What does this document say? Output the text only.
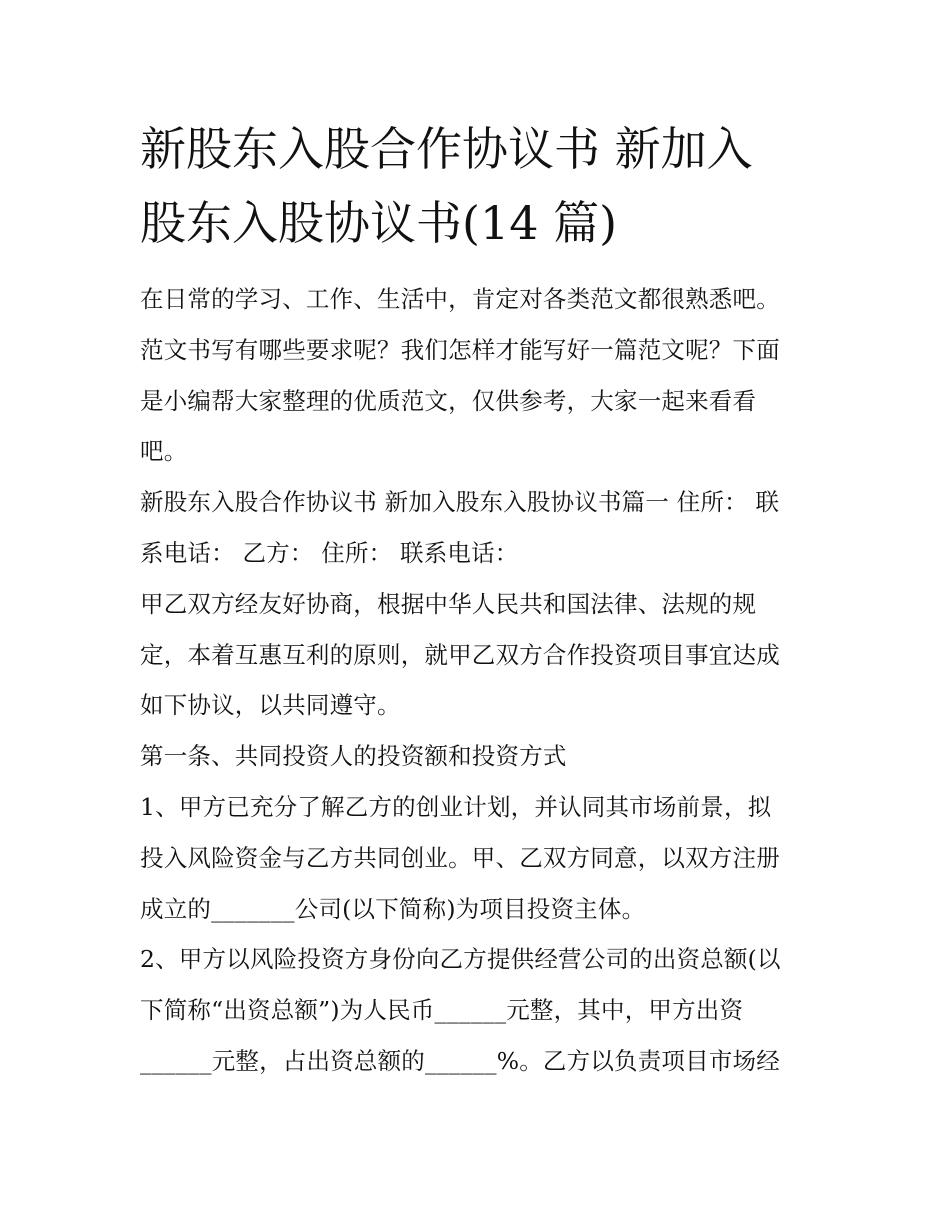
新股东入股合作协议书 新加入
股东入股协议书(14 篇)

在日常的学习、工作、生活中，肯定对各类范文都很熟悉吧。
范文书写有哪些要求呢？我们怎样才能写好一篇范文呢？下面
是小编帮大家整理的优质范文，仅供参考，大家一起来看看
吧。

新股东入股合作协议书 新加入股东入股协议书篇一 住所： 联
系电话： 乙方： 住所： 联系电话：

甲乙双方经友好协商，根据中华人民共和国法律、法规的规
定，本着互惠互利的原则，就甲乙双方合作投资项目事宜达成
如下协议，以共同遵守。

第一条、共同投资人的投资额和投资方式

1、甲方已充分了解乙方的创业计划，并认同其市场前景，拟
投入风险资金与乙方共同创业。甲、乙双方同意，以双方注册
成立的_______公司(以下简称)为项目投资主体。

2、甲方以风险投资方身份向乙方提供经营公司的出资总额(以
下简称“出资总额”)为人民币______元整，其中，甲方出资
______元整，占出资总额的______%。乙方以负责项目市场经
